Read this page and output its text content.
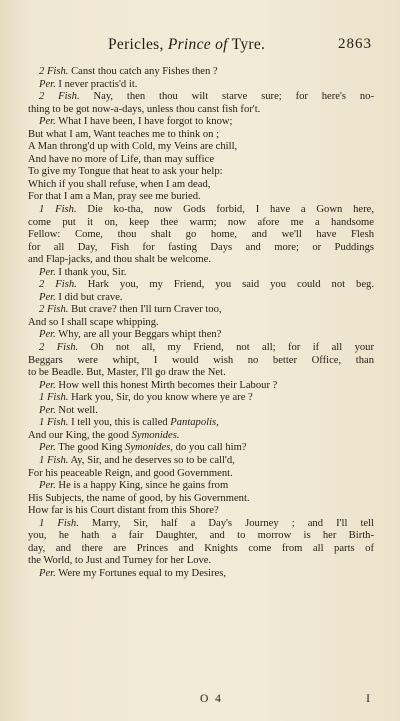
Pericles, Prince of Tyre.	2863
2 Fish. Canst thou catch any Fishes then ?
Per. I never practis'd it.
2 Fish. Nay, then thou wilt starve sure; for here's no-
thing to be got now-a-days, unless thou canst fish for't.
Per. What I have been, I have forgot to know;
But what I am, Want teaches me to think on ;
A Man throng'd up with Cold, my Veins are chill,
And have no more of Life, than may suffice
To give my Tongue that heat to ask your help:
Which if you shall refuse, when I am dead,
For that I am a Man, pray see me buried.
1 Fish. Die ko-tha, now Gods forbid, I have a Gown here,
come put it on, keep thee warm; now afore me a handsome
Fellow: Come, thou shalt go home, and we'll have Flesh
for all Day, Fish for fasting Days and more; or Puddings
and Flap-jacks, and thou shalt be welcome.
Per. I thank you, Sir.
2 Fish. Hark you, my Friend, you said you could not beg.
Per. I did but crave.
2 Fish. But crave? then I'll turn Craver too,
And so I shall scape whipping.
Per. Why, are all your Beggars whipt then?
2 Fish. Oh not all, my Friend, not all; for if all your
Beggars were whipt, I would wish no better Office, than
to be Beadle. But, Master, I'll go draw the Net.
Per. How well this honest Mirth becomes their Labour ?
1 Fish. Hark you, Sir, do you know where ye are ?
Per. Not well.
1 Fish. I tell you, this is called Pantapolis,
And our King, the good Symonides.
Per. The good King Symonides, do you call him?
1 Fish. Ay, Sir, and he deserves so to be call'd,
For his peaceable Reign, and good Government.
Per. He is a happy King, since he gains from
His Subjects, the name of good, by his Government.
How far is his Court distant from this Shore?
1 Fish. Marry, Sir, half a Day's Journey ; and I'll tell
you, he hath a fair Daughter, and to morrow is her Birth-
day, and there are Princes and Knights come from all parts of
the World, to Just and Turney for her Love.
Per. Were my Fortunes equal to my Desires,
O 4	I
